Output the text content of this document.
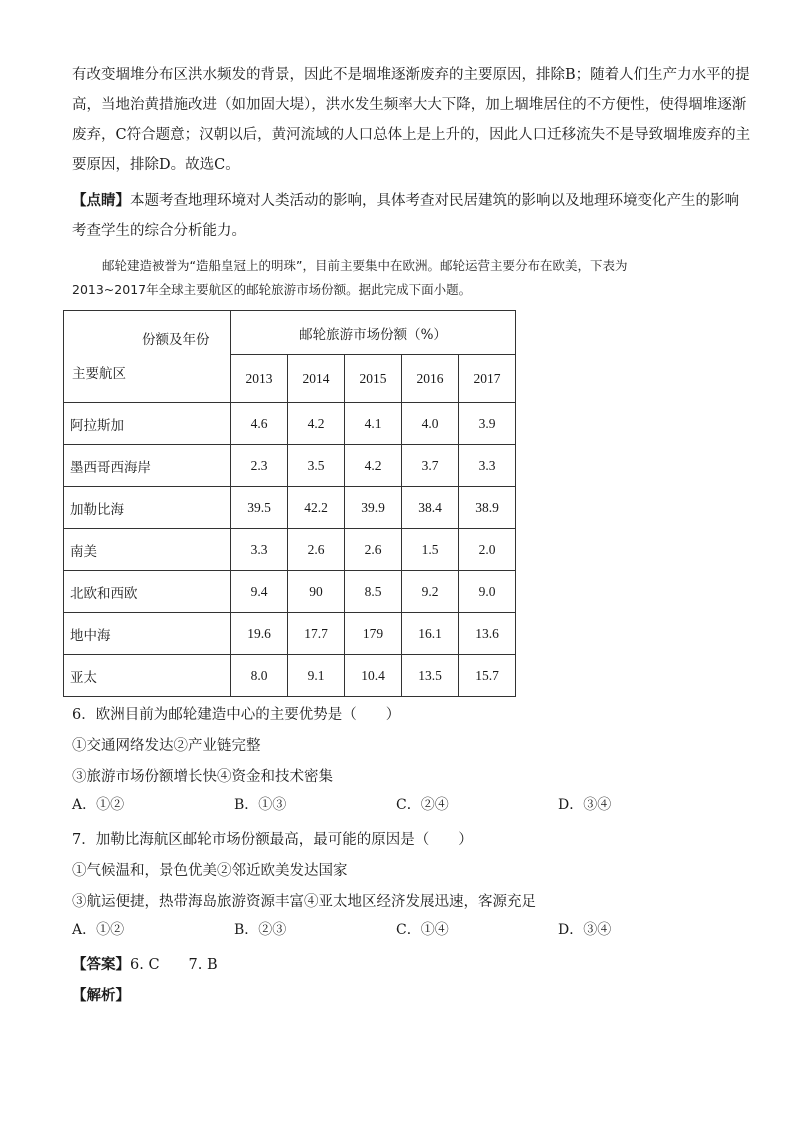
有改变堌堆分布区洪水频发的背景，因此不是堌堆逐渐废弃的主要原因，排除B；随着人们生产力水平的提
高，当地治黄措施改进（如加固大堤），洪水发生频率大大下降，加上堌堆居住的不方便性，使得堌堆逐渐
废弃，C符合题意；汉朝以后，黄河流域的人口总体上是上升的，因此人口迁移流失不是导致堌堆废弃的主
要原因，排除D。故选C。
【点睛】本题考查地理环境对人类活动的影响，具体考查对民居建筑的影响以及地理环境变化产生的影响
考查学生的综合分析能力。
邮轮建造被誉为“造船皇冠上的明珠”，目前主要集中在欧洲。邮轮运营主要分布在欧美，下表为
2013~2017年全球主要航区的邮轮旅游市场份额。据此完成下面小题。
份额及年份
主要航区	邮轮旅游市场份额（%）				
	2013	2014	2015	2016	2017
阿拉斯加	4.6	4.2	4.1	4.0	3.9
墨西哥西海岸	2.3	3.5	4.2	3.7	3.3
加勒比海	39.5	42.2	39.9	38.4	38.9
南美	3.3	2.6	2.6	1.5	2.0
北欧和西欧	9.4	90	8.5	9.2	9.0
地中海	19.6	17.7	179	16.1	13.6
亚太	8.0	9.1	10.4	13.5	15.7
6．欧洲目前为邮轮建造中心的主要优势是（　　）
①交通网络发达②产业链完整
③旅游市场份额增长快④资金和技术密集
A．①②	B．①③	C．②④	D．③④
7．加勒比海航区邮轮市场份额最高，最可能的原因是（　　）
①气候温和，景色优美②邻近欧美发达国家
③航运便捷，热带海岛旅游资源丰富④亚太地区经济发展迅速，客源充足
A．①②	B．②③	C．①④	D．③④
【答案】6. C　　7. B
【解析】
